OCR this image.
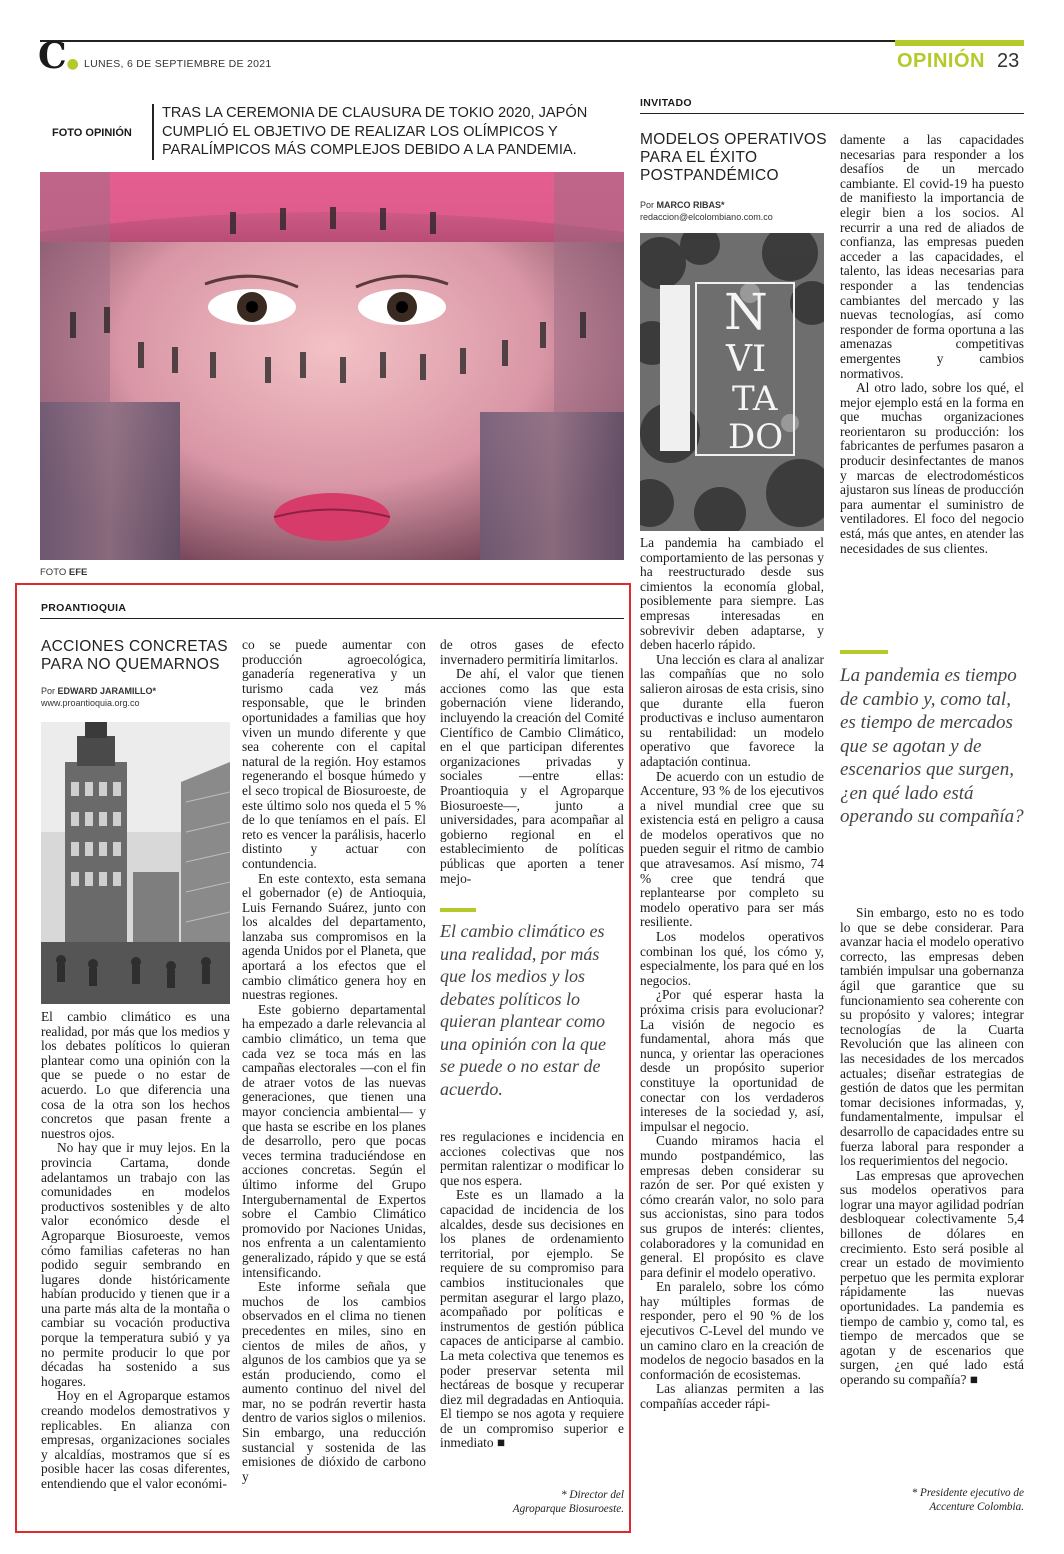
C● LUNES, 6 DE SEPTIEMBRE DE 2021	OPINIÓN 23
FOTO OPINIÓN
TRAS LA CEREMONIA DE CLAUSURA DE TOKIO 2020, JAPÓN CUMPLIÓ EL OBJETIVO DE REALIZAR LOS OLÍMPICOS Y PARALÍMPICOS MÁS COMPLEJOS DEBIDO A LA PANDEMIA.
FOTO EFE
PROANTIOQUIA
ACCIONES CONCRETAS
PARA NO QUEMARNOS
Por EDWARD JARAMILLO*
www.proantioquia.org.co

El cambio climático es una realidad, por más que los medios y los debates políticos lo quieran plantear como una opinión con la que se puede o no estar de acuerdo. Lo que diferencia una cosa de la otra son los hechos concretos que pasan frente a nuestros ojos.

No hay que ir muy lejos. En la provincia Cartama, donde adelantamos un trabajo con las comunidades en modelos productivos sostenibles y de alto valor económico desde el Agroparque Biosuroeste, vemos cómo familias cafeteras no han podido seguir sembrando en lugares donde históricamente habían producido y tienen que ir a una parte más alta de la montaña o cambiar su vocación productiva porque la temperatura subió y ya no permite producir lo que por décadas ha sostenido a sus hogares.

Hoy en el Agroparque estamos creando modelos demostrativos y replicables. En alianza con empresas, organizaciones sociales y alcaldías, mostramos que sí es posible hacer las cosas diferentes, entendiendo que el valor económi-

co se puede aumentar con producción agroecológica, ganadería regenerativa y un turismo cada vez más responsable, que le brinden oportunidades a familias que hoy viven un mundo diferente y que sea coherente con el capital natural de la región. Hoy estamos regenerando el bosque húmedo y el seco tropical de Biosuroeste, de este último solo nos queda el 5 % de lo que teníamos en el país. El reto es vencer la parálisis, hacerlo distinto y actuar con contundencia.

En este contexto, esta semana el gobernador (e) de Antioquia, Luis Fernando Suárez, junto con los alcaldes del departamento, lanzaba sus compromisos en la agenda Unidos por el Planeta, que aportará a los efectos que el cambio climático genera hoy en nuestras regiones.

Este gobierno departamental ha empezado a darle relevancia al cambio climático, un tema que cada vez se toca más en las campañas electorales —con el fin de atraer votos de las nuevas generaciones, que tienen una mayor conciencia ambiental— y que hasta se escribe en los planes de desarrollo, pero que pocas veces termina traduciéndose en acciones concretas. Según el último informe del Grupo Intergubernamental de Expertos sobre el Cambio Climático promovido por Naciones Unidas, nos enfrenta a un calentamiento generalizado, rápido y que se está intensificando.

Este informe señala que muchos de los cambios observados en el clima no tienen precedentes en miles, sino en cientos de miles de años, y algunos de los cambios que ya se están produciendo, como el aumento continuo del nivel del mar, no se podrán revertir hasta dentro de varios siglos o milenios. Sin embargo, una reducción sustancial y sostenida de las emisiones de dióxido de carbono y

de otros gases de efecto invernadero permitiría limitarlos.

De ahí, el valor que tienen acciones como las que esta gobernación viene liderando, incluyendo la creación del Comité Científico de Cambio Climático, en el que participan diferentes organizaciones privadas y sociales —entre ellas: Proantioquia y el Agroparque Biosuroeste—, junto a universidades, para acompañar al gobierno regional en el establecimiento de políticas públicas que aporten a tener mejo-

El cambio climático es una realidad, por más que los medios y los debates políticos lo quieran plantear como una opinión con la que se puede o no estar de acuerdo.

res regulaciones e incidencia en acciones colectivas que nos permitan ralentizar o modificar lo que nos espera.

Este es un llamado a la capacidad de incidencia de los alcaldes, desde sus decisiones en los planes de ordenamiento territorial, por ejemplo. Se requiere de su compromiso para cambios institucionales que permitan asegurar el largo plazo, acompañado por políticas e instrumentos de gestión pública capaces de anticiparse al cambio. La meta colectiva que tenemos es poder preservar setenta mil hectáreas de bosque y recuperar diez mil degradadas en Antioquia. El tiempo se nos agota y requiere de un compromiso superior e inmediato ■

* Director del
Agroparque Biosuroeste.
INVITADO
MODELOS OPERATIVOS
PARA EL ÉXITO
POSTPANDÉMICO
Por MARCO RIBAS*
redaccion@elcolombiano.com.co
N
VI
TA
DO

La pandemia ha cambiado el comportamiento de las personas y ha reestructurado desde sus cimientos la economía global, posiblemente para siempre. Las empresas interesadas en sobrevivir deben adaptarse, y deben hacerlo rápido.

Una lección es clara al analizar las compañías que no solo salieron airosas de esta crisis, sino que durante ella fueron productivas e incluso aumentaron su rentabilidad: un modelo operativo que favorece la adaptación continua.

De acuerdo con un estudio de Accenture, 93 % de los ejecutivos a nivel mundial cree que su existencia está en peligro a causa de modelos operativos que no pueden seguir el ritmo de cambio que atravesamos. Así mismo, 74 % cree que tendrá que replantearse por completo su modelo operativo para ser más resiliente.

Los modelos operativos combinan los qué, los cómo y, especialmente, los para qué en los negocios.

¿Por qué esperar hasta la próxima crisis para evolucionar? La visión de negocio es fundamental, ahora más que nunca, y orientar las operaciones desde un propósito superior constituye la oportunidad de conectar con los verdaderos intereses de la sociedad y, así, impulsar el negocio.

Cuando miramos hacia el mundo postpandémico, las empresas deben considerar su razón de ser. Por qué existen y cómo crearán valor, no solo para sus accionistas, sino para todos sus grupos de interés: clientes, colaboradores y la comunidad en general. El propósito es clave para definir el modelo operativo.

En paralelo, sobre los cómo hay múltiples formas de responder, pero el 90 % de los ejecutivos C-Level del mundo ve un camino claro en la creación de modelos de negocio basados en la conformación de ecosistemas.

Las alianzas permiten a las compañías acceder rápi-

damente a las capacidades necesarias para responder a los desafíos de un mercado cambiante. El covid-19 ha puesto de manifiesto la importancia de elegir bien a los socios. Al recurrir a una red de aliados de confianza, las empresas pueden acceder a las capacidades, el talento, las ideas necesarias para responder a las tendencias cambiantes del mercado y las nuevas tecnologías, así como responder de forma oportuna a las amenazas competitivas emergentes y cambios normativos.

Al otro lado, sobre los qué, el mejor ejemplo está en la forma en que muchas organizaciones reorientaron su producción: los fabricantes de perfumes pasaron a producir desinfectantes de manos y marcas de electrodomésticos ajustaron sus líneas de producción para aumentar el suministro de ventiladores. El foco del negocio está, más que antes, en atender las necesidades de sus clientes.

La pandemia es tiempo de cambio y, como tal, es tiempo de mercados que se agotan y de escenarios que surgen, ¿en qué lado está operando su compañía?

Sin embargo, esto no es todo lo que se debe considerar. Para avanzar hacia el modelo operativo correcto, las empresas deben también impulsar una gobernanza ágil que garantice que su funcionamiento sea coherente con su propósito y valores; integrar tecnologías de la Cuarta Revolución que las alineen con las necesidades de los mercados actuales; diseñar estrategias de gestión de datos que les permitan tomar decisiones informadas, y, fundamentalmente, impulsar el desarrollo de capacidades entre su fuerza laboral para responder a los requerimientos del negocio.

Las empresas que aprovechen sus modelos operativos para lograr una mayor agilidad podrían desbloquear colectivamente 5,4 billones de dólares en crecimiento. Esto será posible al crear un estado de movimiento perpetuo que les permita explorar rápidamente las nuevas oportunidades. La pandemia es tiempo de cambio y, como tal, es tiempo de mercados que se agotan y de escenarios que surgen, ¿en qué lado está operando su compañía? ■

* Presidente ejecutivo de
Accenture Colombia.
